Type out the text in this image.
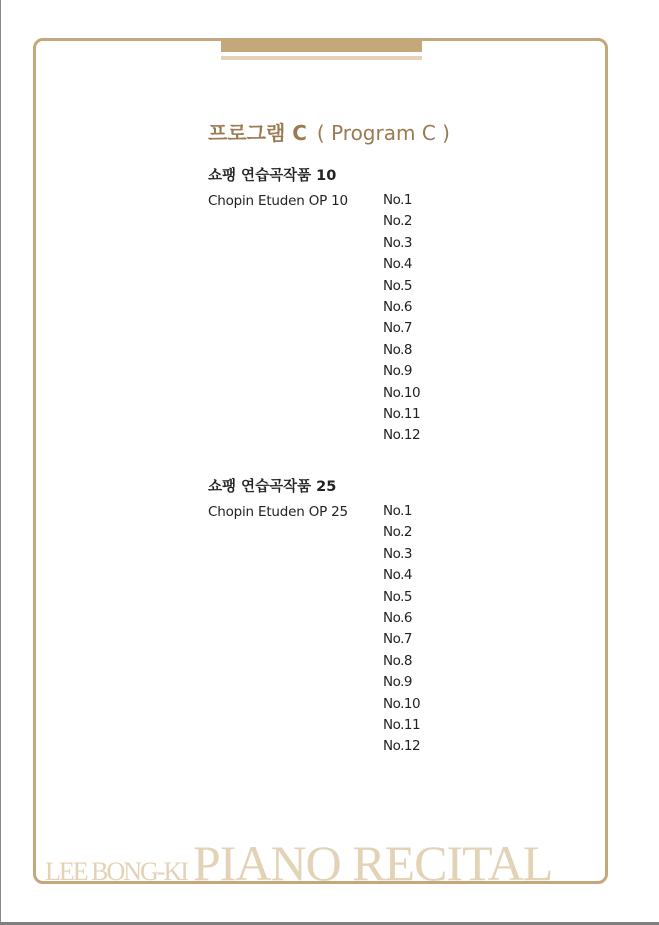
프로그램 C ( Program C )
쇼팽 연습곡작품 10
Chopin Etuden OP 10	No.1
No.2
No.3
No.4
No.5
No.6
No.7
No.8
No.9
No.10
No.11
No.12
쇼팽 연습곡작품 25
Chopin Etuden OP 25	No.1
No.2
No.3
No.4
No.5
No.6
No.7
No.8
No.9
No.10
No.11
No.12
LEE BONG-KI PIANO RECITAL
